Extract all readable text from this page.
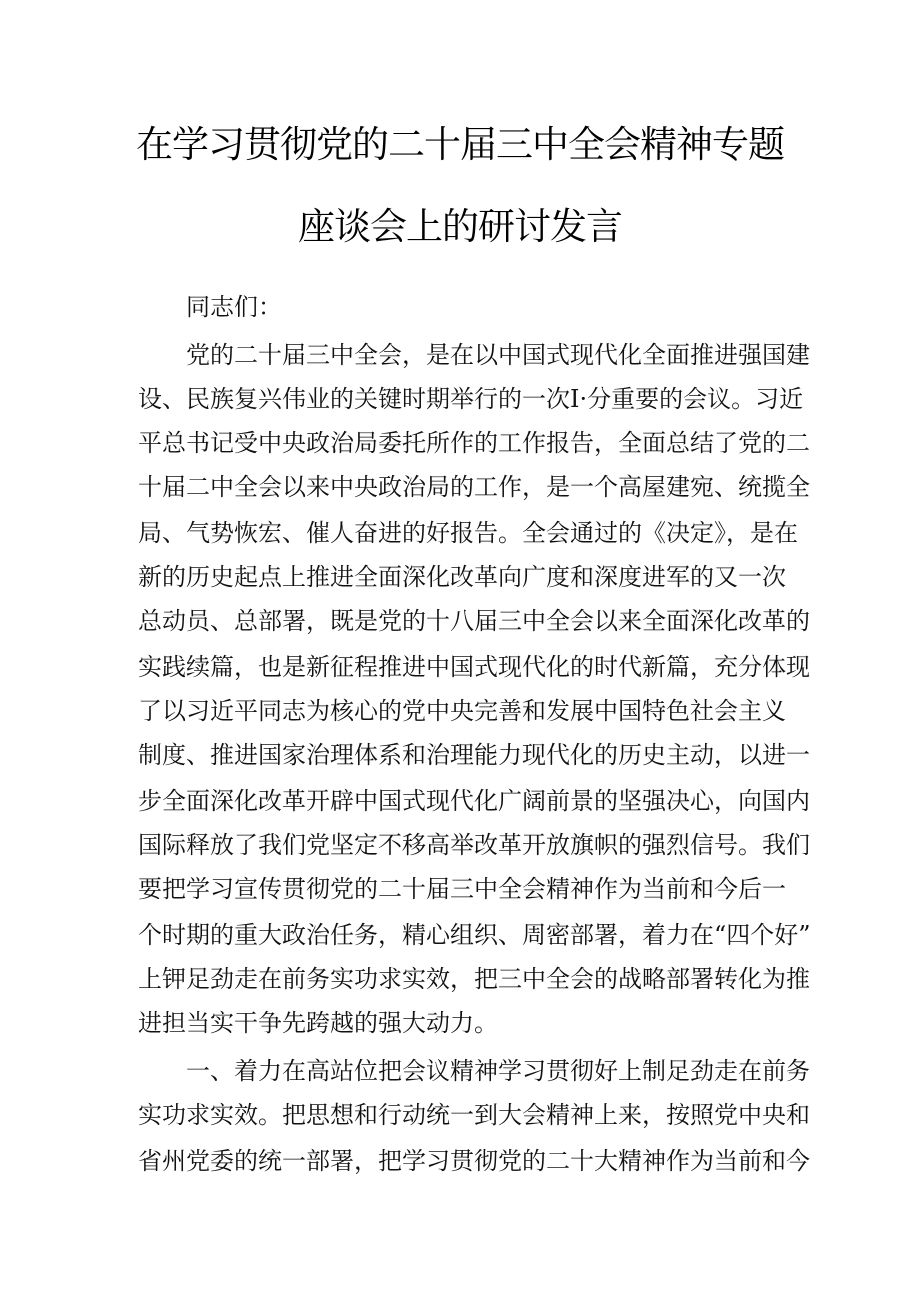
在学习贯彻党的二十届三中全会精神专题
座谈会上的研讨发言

同志们：

党的二十届三中全会，是在以中国式现代化全面推进强国建

设、民族复兴伟业的关键时期举行的一次I·分重要的会议。习近

平总书记受中央政治局委托所作的工作报告，全面总结了党的二

十届二中全会以来中央政治局的工作，是一个高屋建宛、统揽全

局、气势恢宏、催人奋进的好报告。全会通过的《决定》，是在

新的历史起点上推进全面深化改革向广度和深度进军的又一次

总动员、总部署，既是党的十八届三中全会以来全面深化改革的

实践续篇，也是新征程推进中国式现代化的时代新篇，充分体现

了以习近平同志为核心的党中央完善和发展中国特色社会主义

制度、推进国家治理体系和治理能力现代化的历史主动，以进一

步全面深化改革开辟中国式现代化广阔前景的坚强决心，向国内

国际释放了我们党坚定不移高举改革开放旗帜的强烈信号。我们

要把学习宣传贯彻党的二十届三中全会精神作为当前和今后一

个时期的重大政治任务，精心组织、周密部署，着力在“四个好”

上钾足劲走在前务实功求实效，把三中全会的战略部署转化为推

进担当实干争先跨越的强大动力。

一、着力在高站位把会议精神学习贯彻好上制足劲走在前务

实功求实效。把思想和行动统一到大会精神上来，按照党中央和

省州党委的统一部署，把学习贯彻党的二十大精神作为当前和今
